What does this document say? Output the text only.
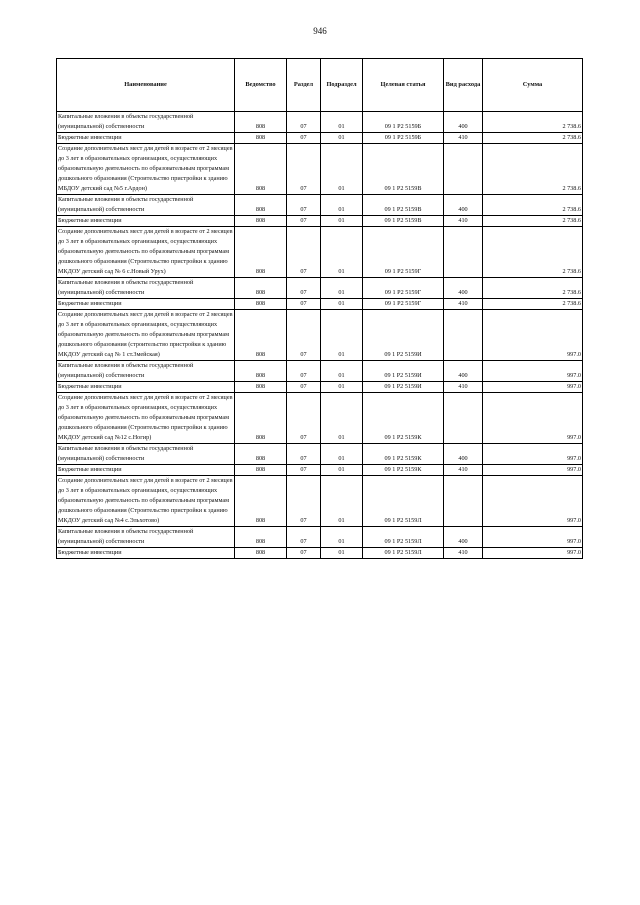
946
Наименование	Ведомство	Раздел	Подраздел	Целевая статья	Вид расхода	Сумма
Капитальные вложения в объекты государственной (муниципальной) собственности	808	07	01	09 1 P2 5159Б	400	2 738.6
Бюджетные инвестиции	808	07	01	09 1 P2 5159Б	410	2 738.6
Создание дополнительных мест для детей в возрасте от 2 месяцев до 3 лет в образовательных организациях, осуществляющих образовательную деятельность по образовательным программам дошкольного образования (Строительство пристройки к зданию МБДОУ детский сад №5 г.Ардон)	808	07	01	09 1 P2 5159В		2 738.6
Капитальные вложения в объекты государственной (муниципальной) собственности	808	07	01	09 1 P2 5159В	400	2 738.6
Бюджетные инвестиции	808	07	01	09 1 P2 5159В	410	2 738.6
Создание дополнительных мест для детей в возрасте от 2 месяцев до 3 лет в образовательных организациях, осуществляющих образовательную деятельность по образовательным программам дошкольного образования (Строительство пристройки к зданию МКДОУ детский сад № 6 с.Новый Урух)	808	07	01	09 1 P2 5159Г		2 738.6
Капитальные вложения в объекты государственной (муниципальной) собственности	808	07	01	09 1 P2 5159Г	400	2 738.6
Бюджетные инвестиции	808	07	01	09 1 P2 5159Г	410	2 738.6
Создание дополнительных мест для детей в возрасте от 2 месяцев до 3 лет в образовательных организациях, осуществляющих образовательную деятельность по образовательным программам дошкольного образования (строительство пристройки к зданию МКДОУ детский сад № 1 ст.Змейская)	808	07	01	09 1 P2 5159И		997.0
Капитальные вложения в объекты государственной (муниципальной) собственности	808	07	01	09 1 P2 5159И	400	997.0
Бюджетные инвестиции	808	07	01	09 1 P2 5159И	410	997.0
Создание дополнительных мест для детей в возрасте от 2 месяцев до 3 лет в образовательных организациях, осуществляющих образовательную деятельность по образовательным программам дошкольного образования (Строительство пристройки к зданию МКДОУ детский сад №12 с.Ногир)	808	07	01	09 1 P2 5159К		997.0
Капитальные вложения в объекты государственной (муниципальной) собственности	808	07	01	09 1 P2 5159К	400	997.0
Бюджетные инвестиции	808	07	01	09 1 P2 5159К	410	997.0
Создание дополнительных мест для детей в возрасте от 2 месяцев до 3 лет в образовательных организациях, осуществляющих образовательную деятельность по образовательным программам дошкольного образования (Строительство пристройки к зданию МКДОУ детский сад №4 с.Эльхотово)	808	07	01	09 1 P2 5159Л		997.0
Капитальные вложения в объекты государственной (муниципальной) собственности	808	07	01	09 1 P2 5159Л	400	997.0
Бюджетные инвестиции	808	07	01	09 1 P2 5159Л	410	997.0
